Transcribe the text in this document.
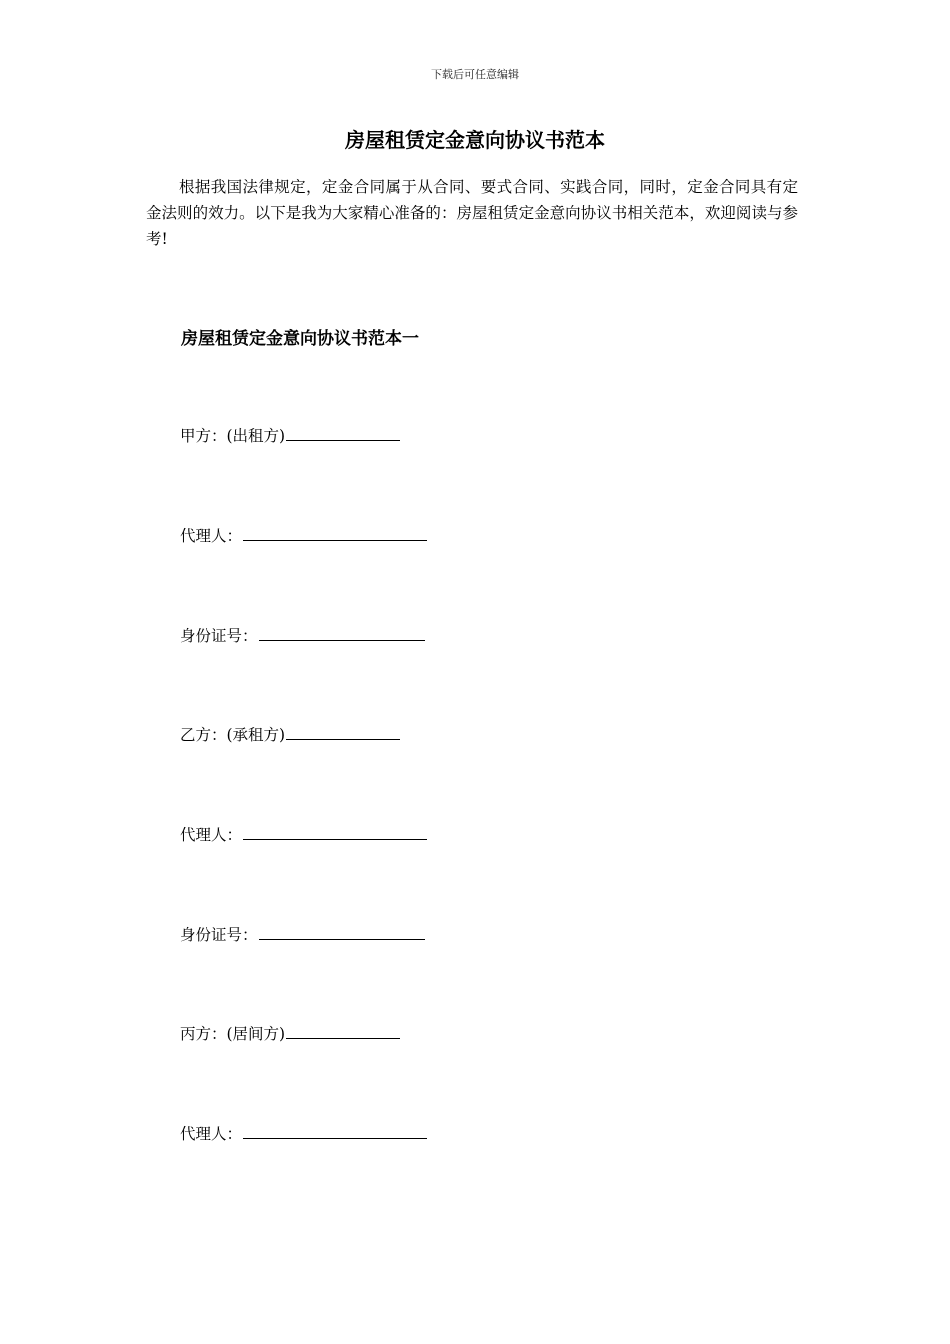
下载后可任意编辑
房屋租赁定金意向协议书范本

根据我国法律规定，定金合同属于从合同、要式合同、实践合同，同时，定金合同具有定金法则的效力。以下是我为大家精心准备的：房屋租赁定金意向协议书相关范本，欢迎阅读与参考!

房屋租赁定金意向协议书范本一
甲方：(出租方)
代理人：
身份证号：
乙方：(承租方)
代理人：
身份证号：
丙方：(居间方)
代理人：
